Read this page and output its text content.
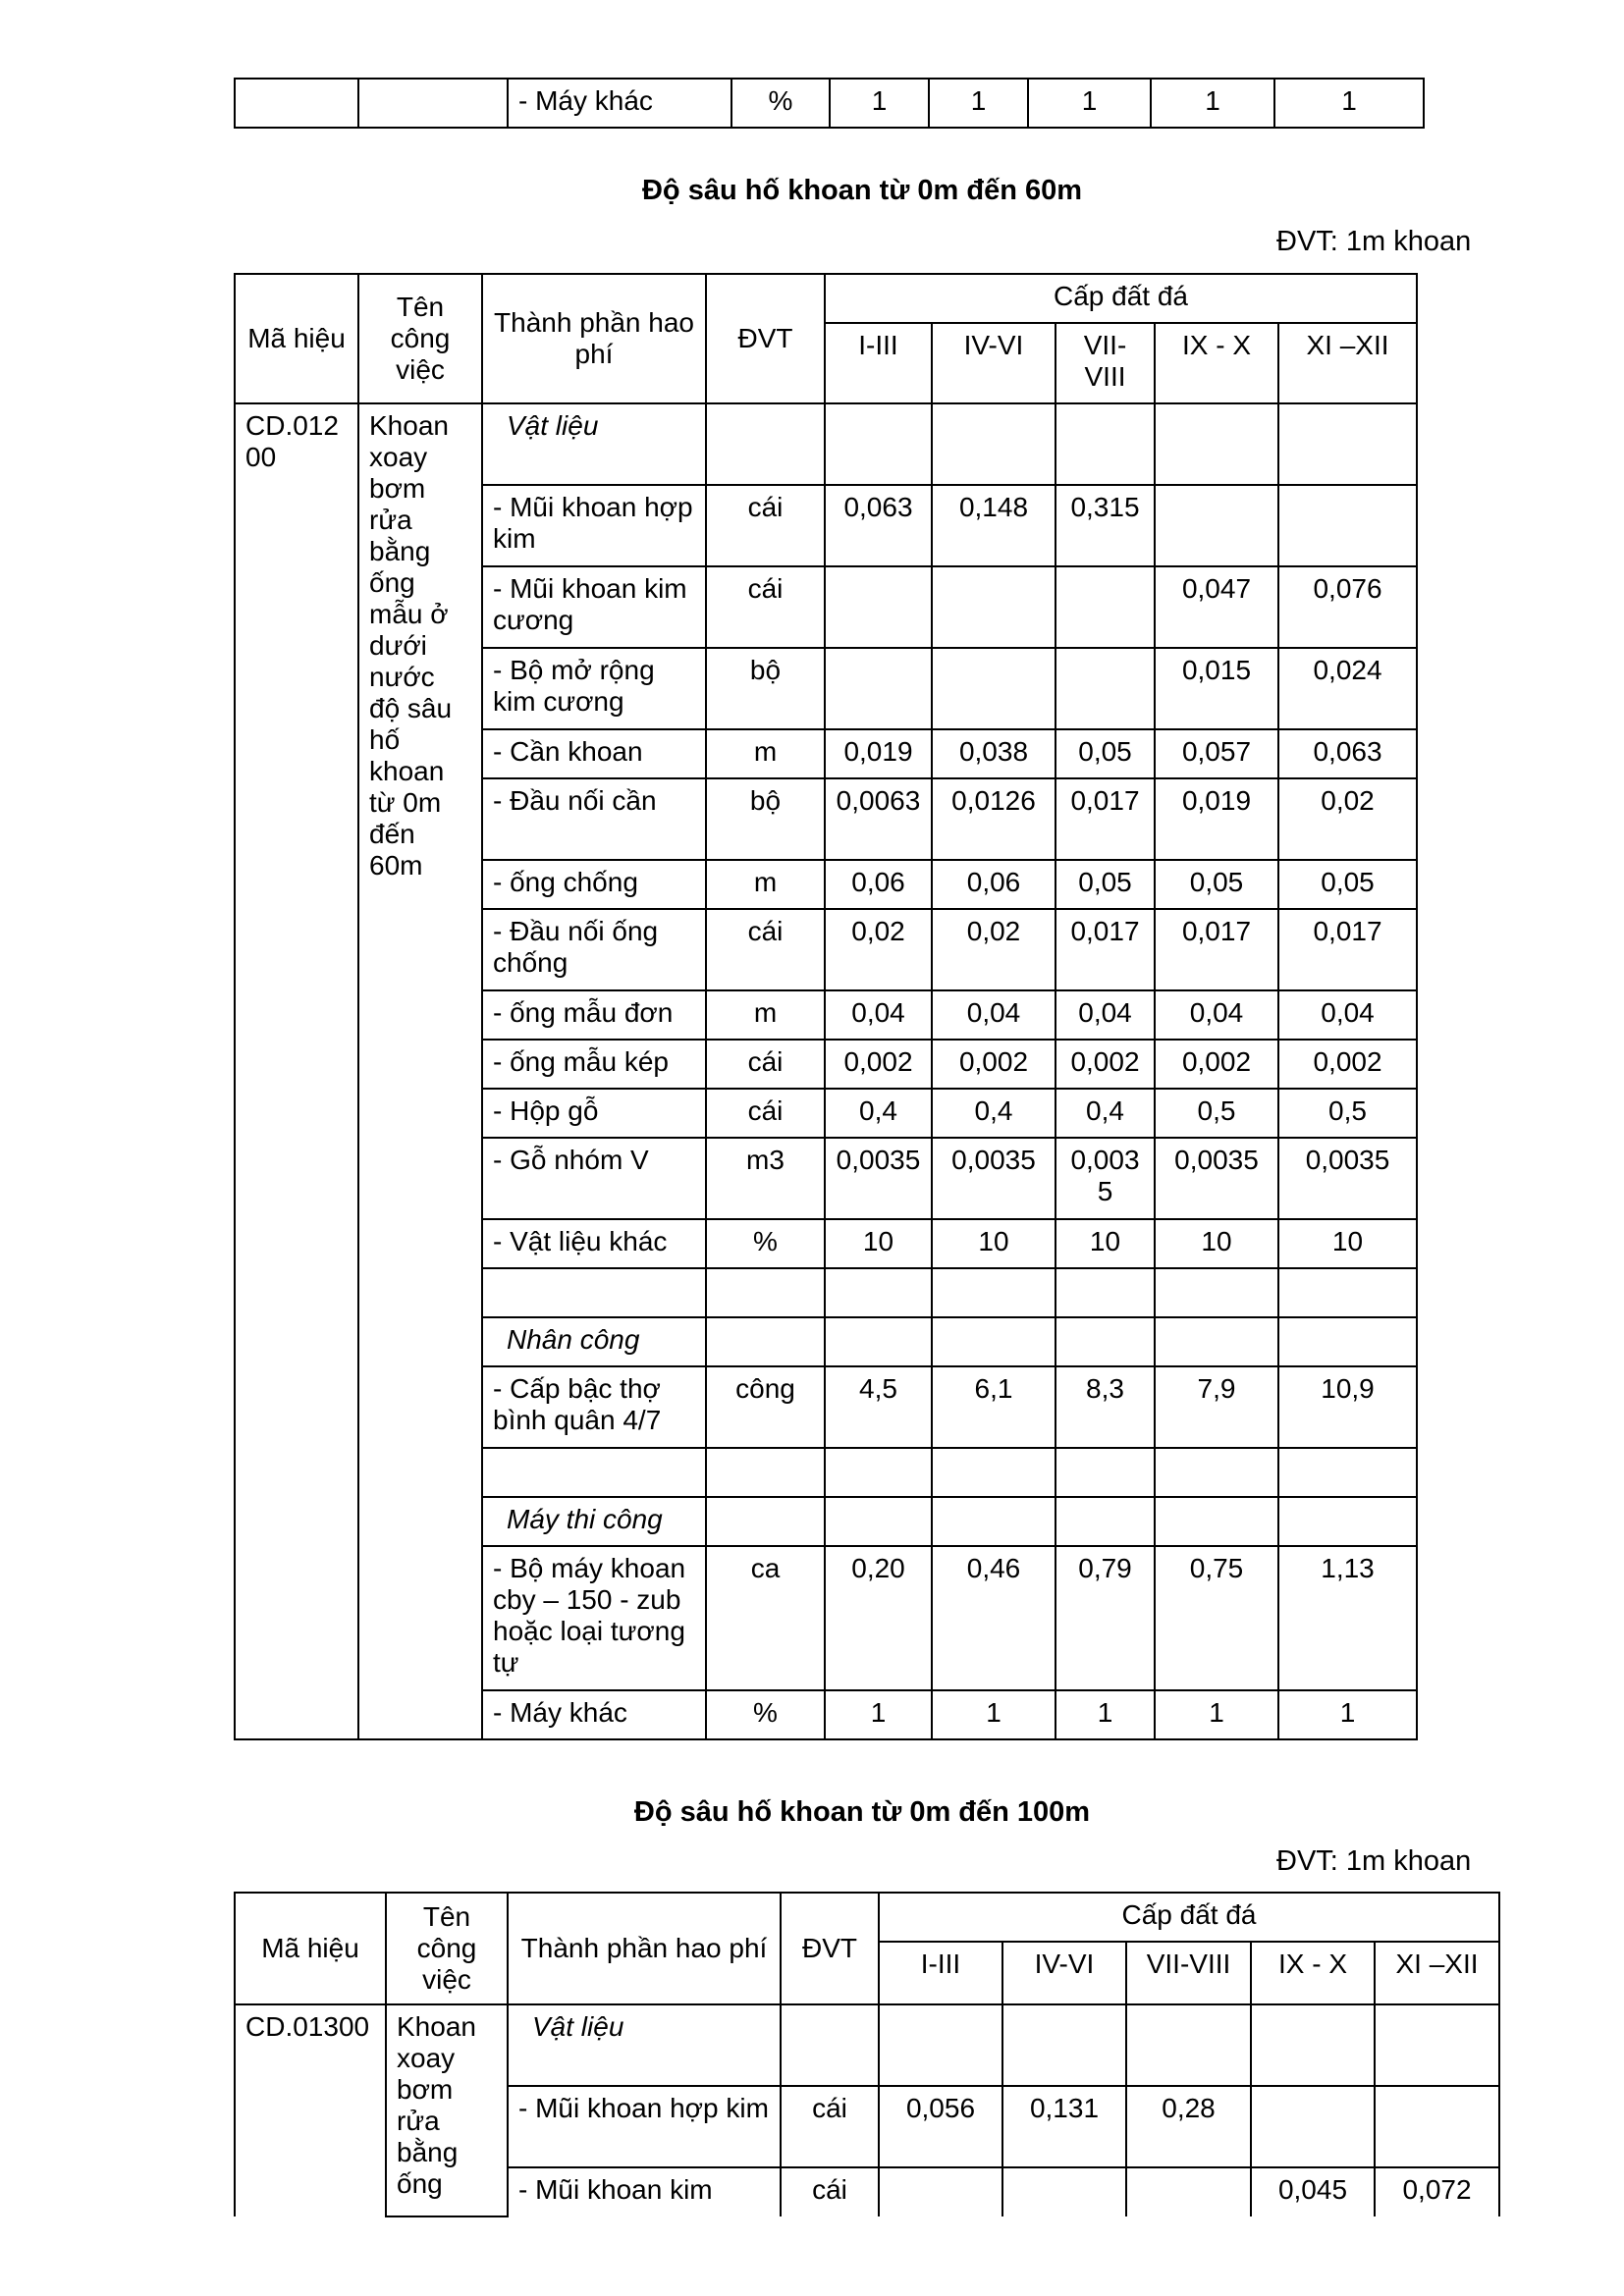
		- Máy khác	%	1	1	1	1	1
Độ sâu hố khoan từ 0m đến 60m
ĐVT: 1m khoan
Mã hiệu	Tên công việc	Thành phần hao phí	ĐVT	Cấp đất đá				
				I-III	IV-VI	VII-VIII	IX - X	XI –XII
CD.01200	Khoan xoay bơm rửa bằng ống mẫu ở dưới nước độ sâu hố khoan từ 0m đến 60m	Vật liệu						
		- Mũi khoan hợp kim	cái	0,063	0,148	0,315		
		- Mũi khoan kim cương	cái				0,047	0,076
		- Bộ mở rộng kim cương	bộ				0,015	0,024
		- Cần khoan	m	0,019	0,038	0,05	0,057	0,063
		- Đầu nối cần	bộ	0,0063	0,0126	0,017	0,019	0,02
		- ống chống	m	0,06	0,06	0,05	0,05	0,05
		- Đầu nối ống chống	cái	0,02	0,02	0,017	0,017	0,017
		- ống mẫu đơn	m	0,04	0,04	0,04	0,04	0,04
		- ống mẫu kép	cái	0,002	0,002	0,002	0,002	0,002
		- Hộp gỗ	cái	0,4	0,4	0,4	0,5	0,5
		- Gỗ nhóm V	m3	0,0035	0,0035	0,0035	0,0035	0,0035
		- Vật liệu khác	%	10	10	10	10	10

		Nhân công						
		- Cấp bậc thợ bình quân 4/7	công	4,5	6,1	8,3	7,9	10,9

		Máy thi công						
		- Bộ máy khoan cby – 150 - zub hoặc loại tương tự	ca	0,20	0,46	0,79	0,75	1,13
		- Máy khác	%	1	1	1	1	1
Độ sâu hố khoan từ 0m đến 100m
ĐVT: 1m khoan
Mã hiệu	Tên công việc	Thành phần hao phí	ĐVT	Cấp đất đá				
				I-III	IV-VI	VII-VIII	IX - X	XI –XII
CD.01300	Khoan xoay bơm rửa bằng ống	Vật liệu						
		- Mũi khoan hợp kim	cái	0,056	0,131	0,28		
		- Mũi khoan kim	cái				0,045	0,072
